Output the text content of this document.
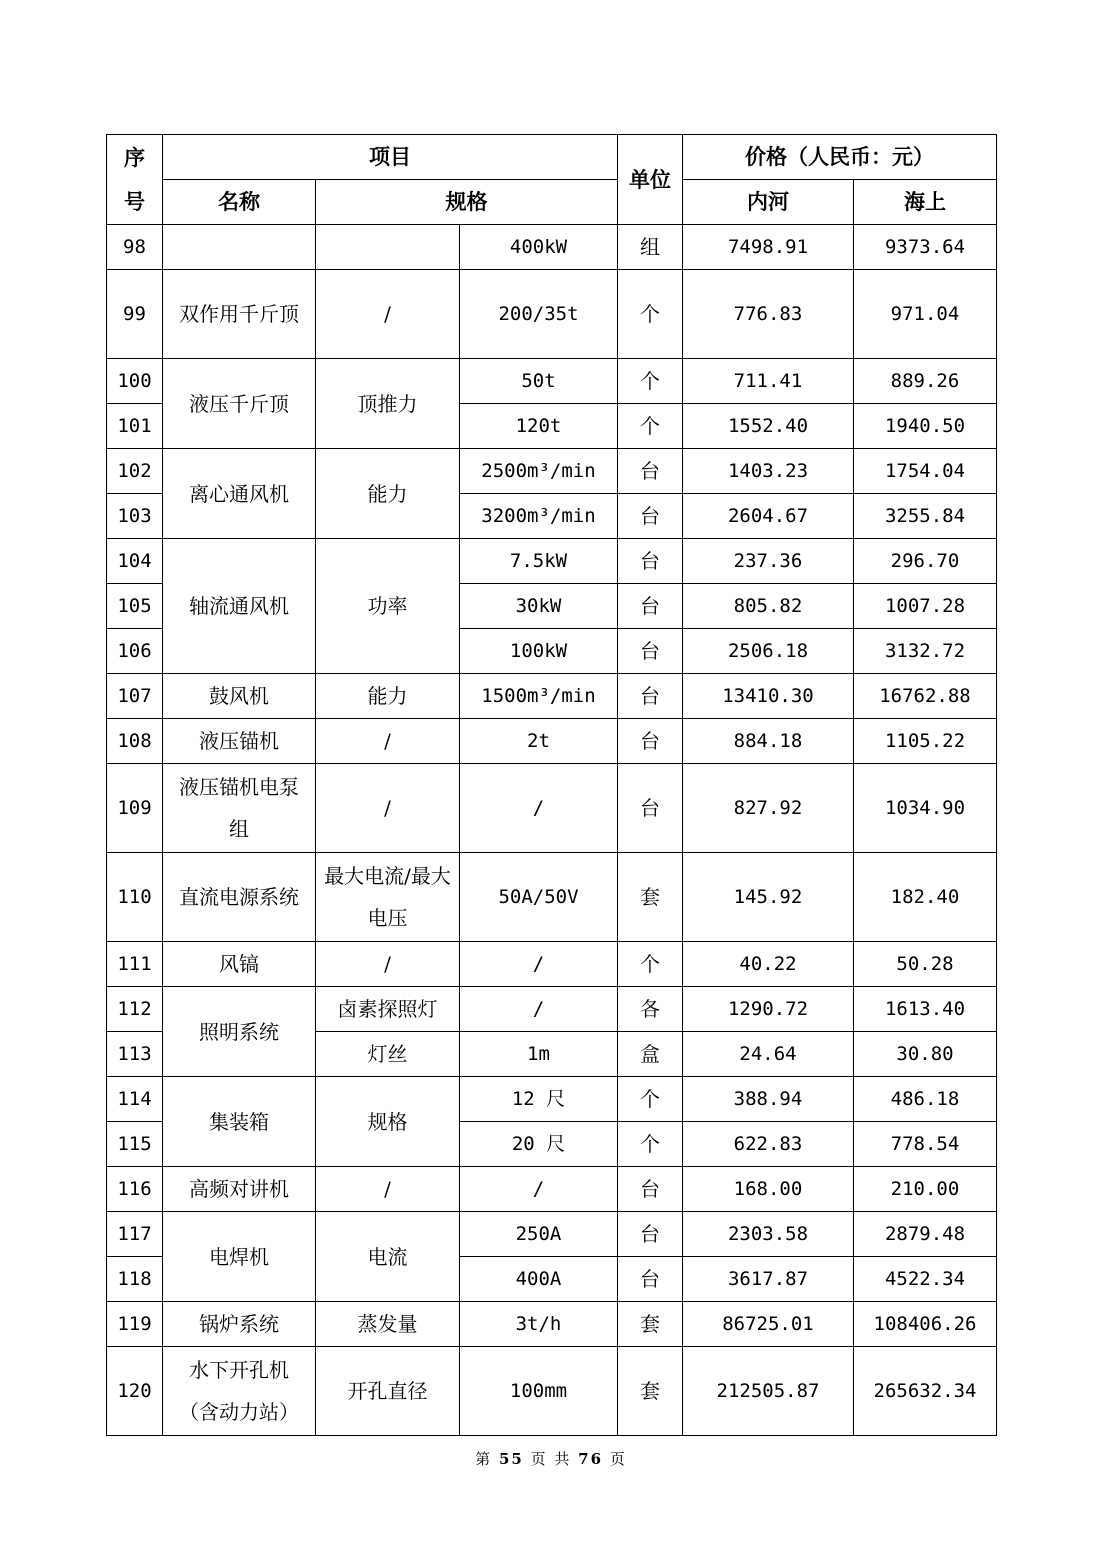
序
号	项目			单位	价格（人民币：元）	
	名称	规格			内河	海上
98			400kW	组	7498.91	9373.64
99	双作用千斤顶	/	200/35t	个	776.83	971.04
100	液压千斤顶	顶推力	50t	个	711.41	889.26
101			120t	个	1552.40	1940.50
102	离心通风机	能力	2500m³/min	台	1403.23	1754.04
103			3200m³/min	台	2604.67	3255.84
104	轴流通风机	功率	7.5kW	台	237.36	296.70
105			30kW	台	805.82	1007.28
106			100kW	台	2506.18	3132.72
107	鼓风机	能力	1500m³/min	台	13410.30	16762.88
108	液压锚机	/	2t	台	884.18	1105.22
109	液压锚机电泵组	/	/	台	827.92	1034.90
110	直流电源系统	最大电流/最大电压	50A/50V	套	145.92	182.40
111	风镐	/	/	个	40.22	50.28
112	照明系统	卤素探照灯	/	各	1290.72	1613.40
113		灯丝	1m	盒	24.64	30.80
114	集装箱	规格	12 尺	个	388.94	486.18
115			20 尺	个	622.83	778.54
116	高频对讲机	/	/	台	168.00	210.00
117	电焊机	电流	250A	台	2303.58	2879.48
118			400A	台	3617.87	4522.34
119	锅炉系统	蒸发量	3t/h	套	86725.01	108406.26
120	水下开孔机（含动力站）	开孔直径	100mm	套	212505.87	265632.34
第 55 页 共 76 页
